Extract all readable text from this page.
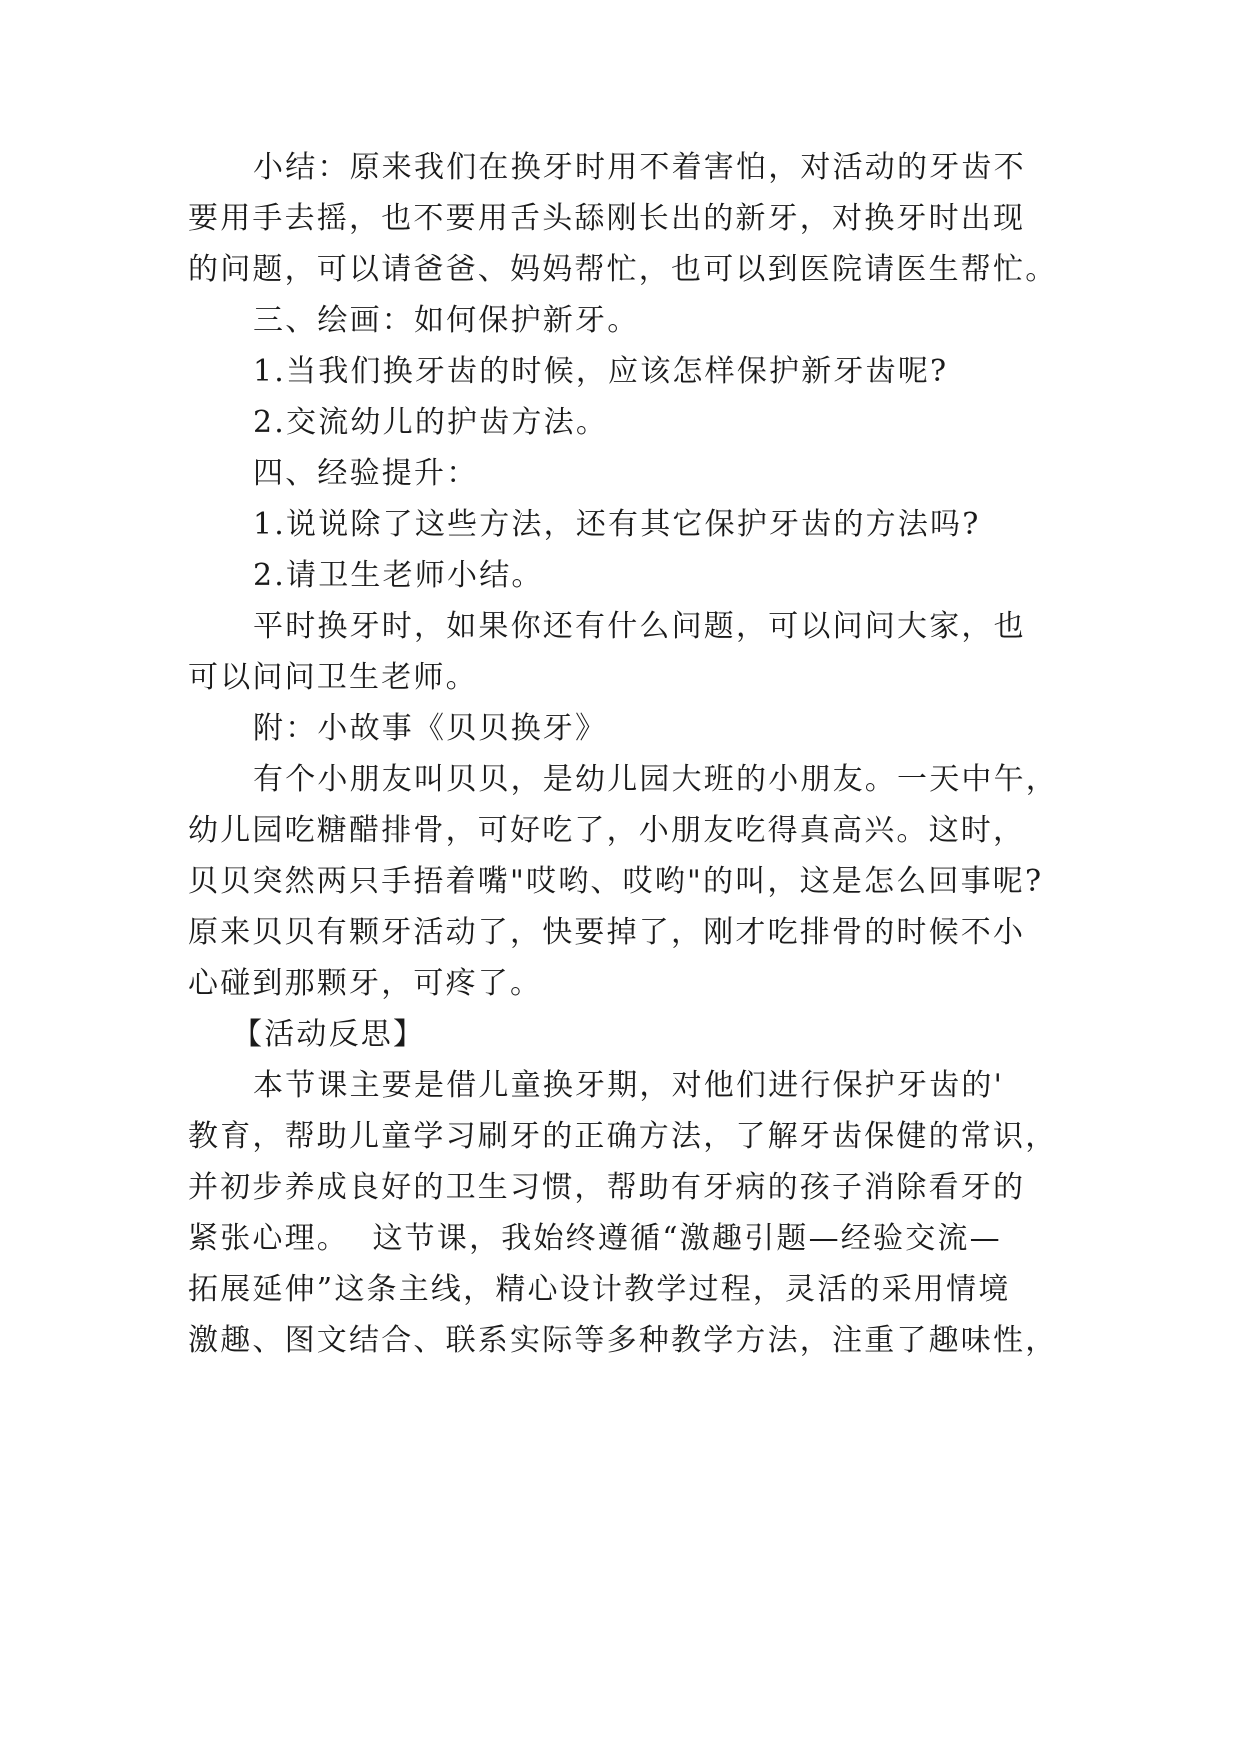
小结：原来我们在换牙时用不着害怕，对活动的牙齿不
要用手去摇，也不要用舌头舔刚长出的新牙，对换牙时出现
的问题，可以请爸爸、妈妈帮忙，也可以到医院请医生帮忙。
三、绘画：如何保护新牙。
1.当我们换牙齿的时候，应该怎样保护新牙齿呢?
2.交流幼儿的护齿方法。
四、经验提升：
1.说说除了这些方法，还有其它保护牙齿的方法吗?
2.请卫生老师小结。
平时换牙时，如果你还有什么问题，可以问问大家，也
可以问问卫生老师。
附：小故事《贝贝换牙》
有个小朋友叫贝贝，是幼儿园大班的小朋友。一天中午，
幼儿园吃糖醋排骨，可好吃了，小朋友吃得真高兴。这时，
贝贝突然两只手捂着嘴"哎哟、哎哟"的叫，这是怎么回事呢?
原来贝贝有颗牙活动了，快要掉了，刚才吃排骨的时候不小
心碰到那颗牙，可疼了。
【活动反思】
本节课主要是借儿童换牙期，对他们进行保护牙齿的'
教育，帮助儿童学习刷牙的正确方法，了解牙齿保健的常识，
并初步养成良好的卫生习惯，帮助有牙病的孩子消除看牙的
紧张心理。  这节课，我始终遵循“激趣引题—经验交流—
拓展延伸”这条主线，精心设计教学过程，灵活的采用情境
激趣、图文结合、联系实际等多种教学方法，注重了趣味性，
